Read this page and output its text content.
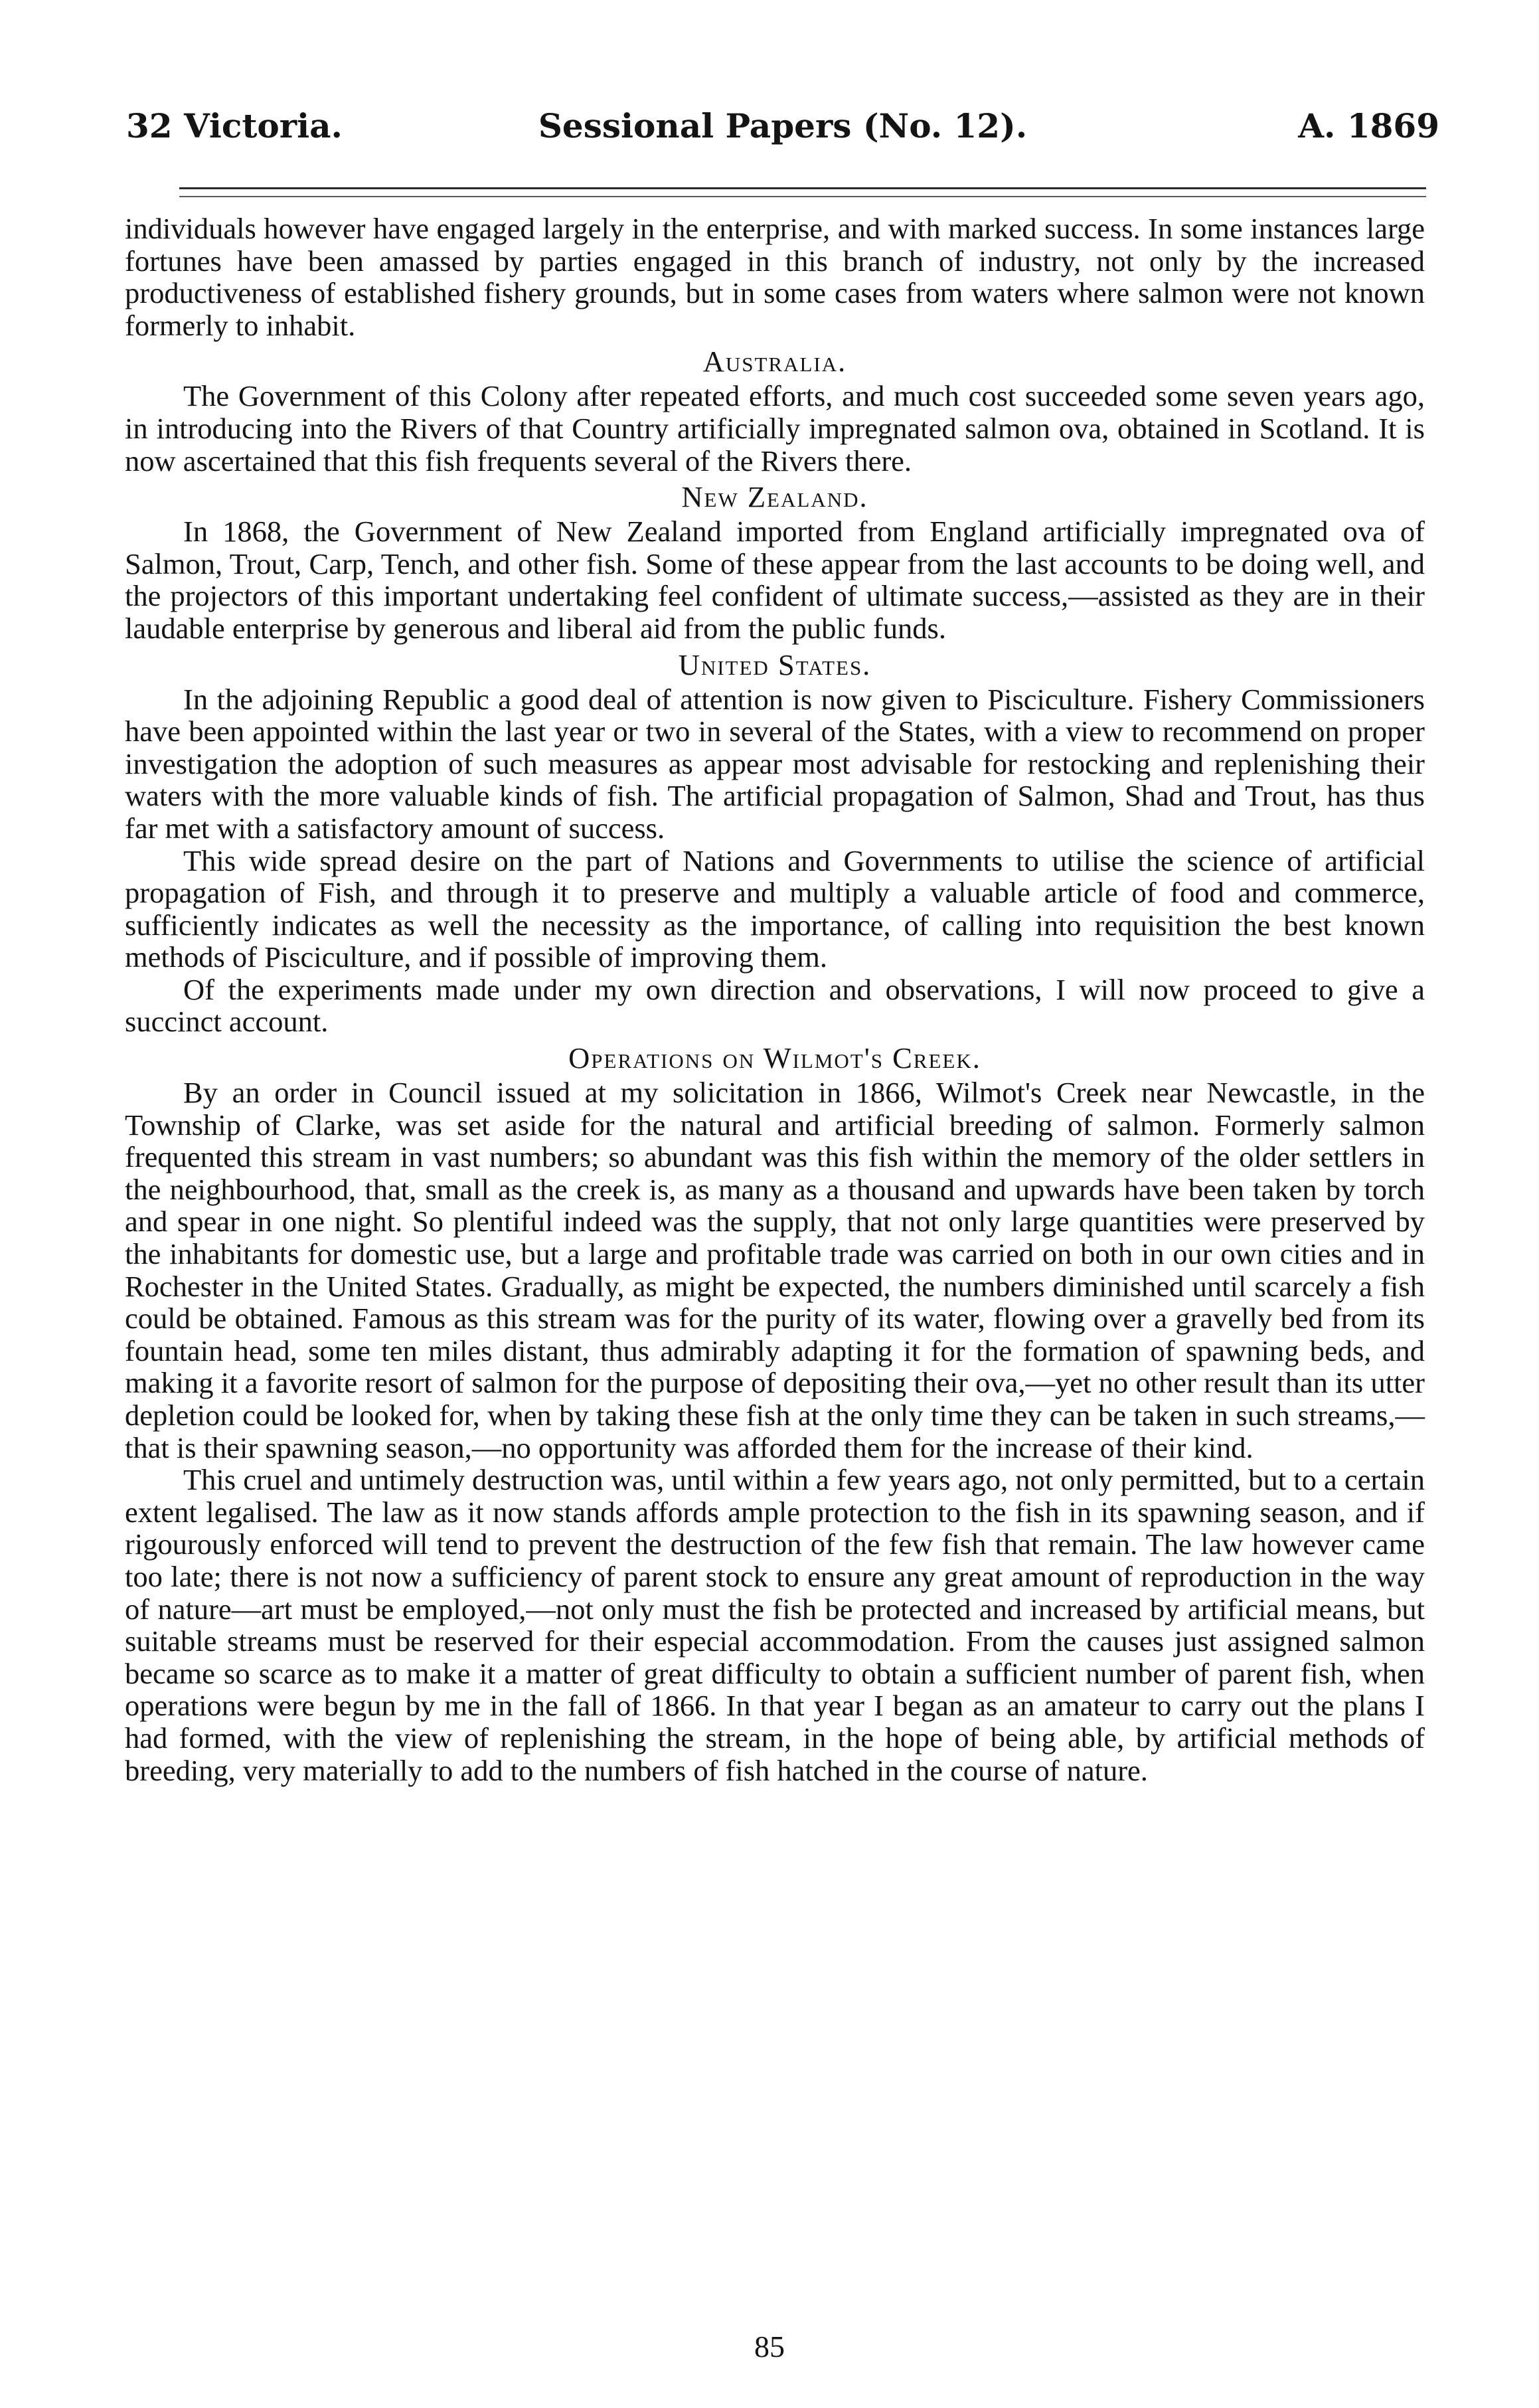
32 Victoria.	Sessional Papers (No. 12).	A. 1869

individuals however have engaged largely in the enterprise, and with marked success. In some instances large fortunes have been amassed by parties engaged in this branch of industry, not only by the increased productiveness of established fishery grounds, but in some cases from waters where salmon were not known formerly to inhabit.

Australia.

The Government of this Colony after repeated efforts, and much cost succeeded some seven years ago, in introducing into the Rivers of that Country artificially impregnated salmon ova, obtained in Scotland. It is now ascertained that this fish frequents several of the Rivers there.

New Zealand.

In 1868, the Government of New Zealand imported from England artificially impregnated ova of Salmon, Trout, Carp, Tench, and other fish. Some of these appear from the last accounts to be doing well, and the projectors of this important undertaking feel confident of ultimate success,—assisted as they are in their laudable enterprise by generous and liberal aid from the public funds.

United States.

In the adjoining Republic a good deal of attention is now given to Pisciculture. Fishery Commissioners have been appointed within the last year or two in several of the States, with a view to recommend on proper investigation the adoption of such measures as appear most advisable for restocking and replenishing their waters with the more valuable kinds of fish. The artificial propagation of Salmon, Shad and Trout, has thus far met with a satisfactory amount of success.

This wide spread desire on the part of Nations and Governments to utilise the science of artificial propagation of Fish, and through it to preserve and multiply a valuable article of food and commerce, sufficiently indicates as well the necessity as the importance, of calling into requisition the best known methods of Pisciculture, and if possible of improving them.

Of the experiments made under my own direction and observations, I will now proceed to give a succinct account.

Operations on Wilmot's Creek.

By an order in Council issued at my solicitation in 1866, Wilmot's Creek near Newcastle, in the Township of Clarke, was set aside for the natural and artificial breeding of salmon. Formerly salmon frequented this stream in vast numbers; so abundant was this fish within the memory of the older settlers in the neighbourhood, that, small as the creek is, as many as a thousand and upwards have been taken by torch and spear in one night. So plentiful indeed was the supply, that not only large quantities were preserved by the inhabitants for domestic use, but a large and profitable trade was carried on both in our own cities and in Rochester in the United States. Gradually, as might be expected, the numbers diminished until scarcely a fish could be obtained. Famous as this stream was for the purity of its water, flowing over a gravelly bed from its fountain head, some ten miles distant, thus admirably adapting it for the formation of spawning beds, and making it a favorite resort of salmon for the purpose of depositing their ova,—yet no other result than its utter depletion could be looked for, when by taking these fish at the only time they can be taken in such streams,—that is their spawning season,—no opportunity was afforded them for the increase of their kind.

This cruel and untimely destruction was, until within a few years ago, not only permitted, but to a certain extent legalised. The law as it now stands affords ample protection to the fish in its spawning season, and if rigourously enforced will tend to prevent the destruction of the few fish that remain. The law however came too late; there is not now a sufficiency of parent stock to ensure any great amount of reproduction in the way of nature—art must be employed,—not only must the fish be protected and increased by artificial means, but suitable streams must be reserved for their especial accommodation. From the causes just assigned salmon became so scarce as to make it a matter of great difficulty to obtain a sufficient number of parent fish, when operations were begun by me in the fall of 1866. In that year I began as an amateur to carry out the plans I had formed, with the view of replenishing the stream, in the hope of being able, by artificial methods of breeding, very materially to add to the numbers of fish hatched in the course of nature.

85
